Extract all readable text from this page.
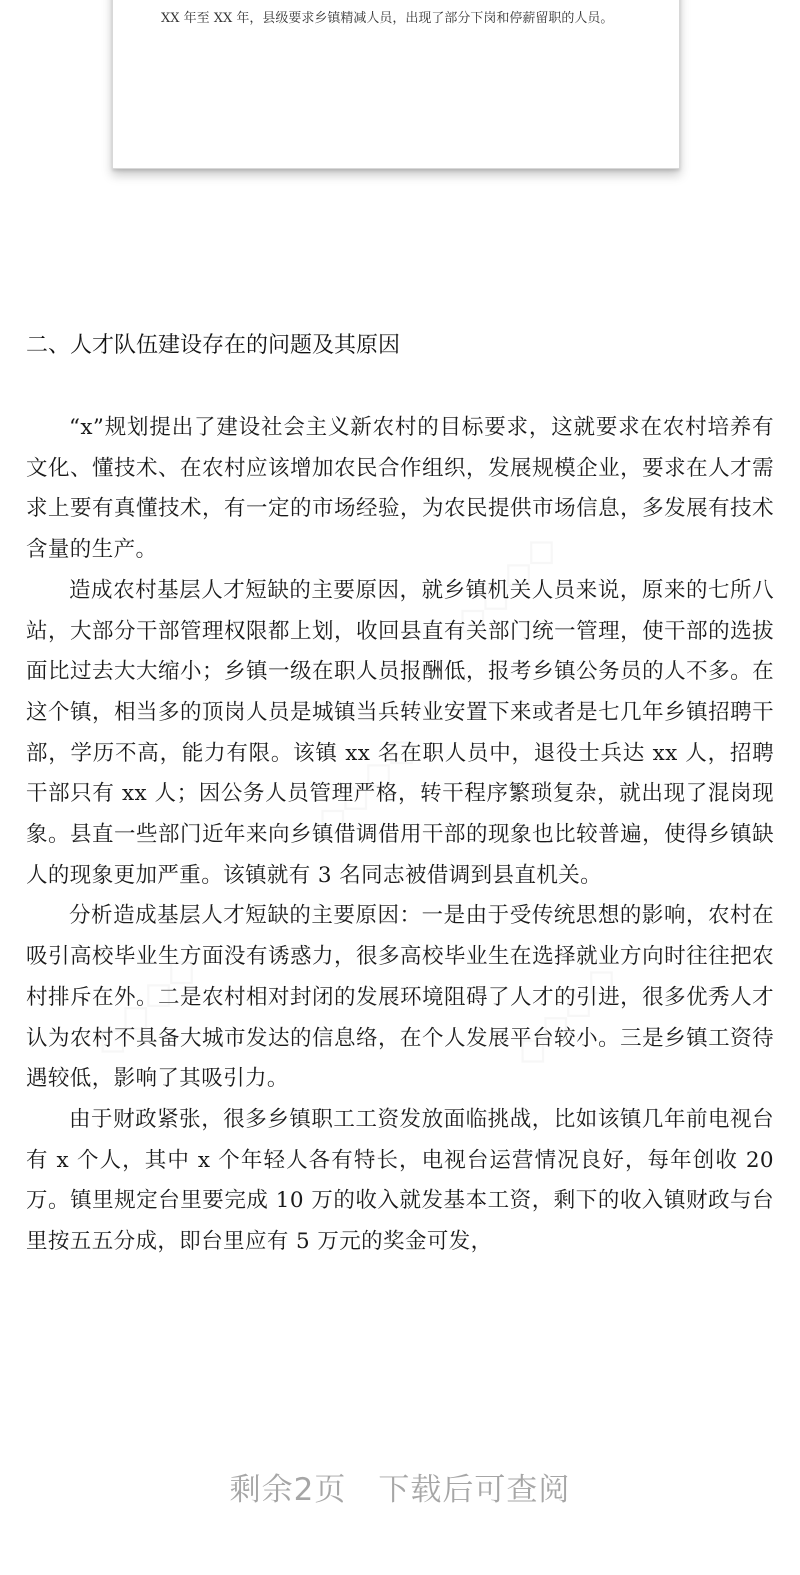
XX 年至 XX 年，县级要求乡镇精减人员，出现了部分下岗和停薪留职的人员。

二、人才队伍建设存在的问题及其原因

“x”规划提出了建设社会主义新农村的目标要求，这就要求在农村培养有文化、懂技术、在农村应该增加农民合作组织，发展规模企业，要求在人才需求上要有真懂技术，有一定的市场经验，为农民提供市场信息，多发展有技术含量的生产。

造成农村基层人才短缺的主要原因，就乡镇机关人员来说，原来的七所八站，大部分干部管理权限都上划，收回县直有关部门统一管理，使干部的选拔面比过去大大缩小；乡镇一级在职人员报酬低，报考乡镇公务员的人不多。在这个镇，相当多的顶岗人员是城镇当兵转业安置下来或者是七几年乡镇招聘干部，学历不高，能力有限。该镇 xx 名在职人员中，退役士兵达 xx 人，招聘干部只有 xx 人；因公务人员管理严格，转干程序繁琐复杂，就出现了混岗现象。县直一些部门近年来向乡镇借调借用干部的现象也比较普遍，使得乡镇缺人的现象更加严重。该镇就有 3 名同志被借调到县直机关。

分析造成基层人才短缺的主要原因：一是由于受传统思想的影响，农村在吸引高校毕业生方面没有诱惑力，很多高校毕业生在选择就业方向时往往把农村排斥在外。二是农村相对封闭的发展环境阻碍了人才的引进，很多优秀人才认为农村不具备大城市发达的信息络，在个人发展平台较小。三是乡镇工资待遇较低，影响了其吸引力。

由于财政紧张，很多乡镇职工工资发放面临挑战，比如该镇几年前电视台有 x 个人，其中 x 个年轻人各有特长，电视台运营情况良好，每年创收 20 万。镇里规定台里要完成 10 万的收入就发基本工资，剩下的收入镇财政与台里按五五分成，即台里应有 5 万元的奖金可发，

◇◇◇◇
◇◇◇◇
◇◇◇◇	◇◇◇◇
剩余2页　下载后可查阅
